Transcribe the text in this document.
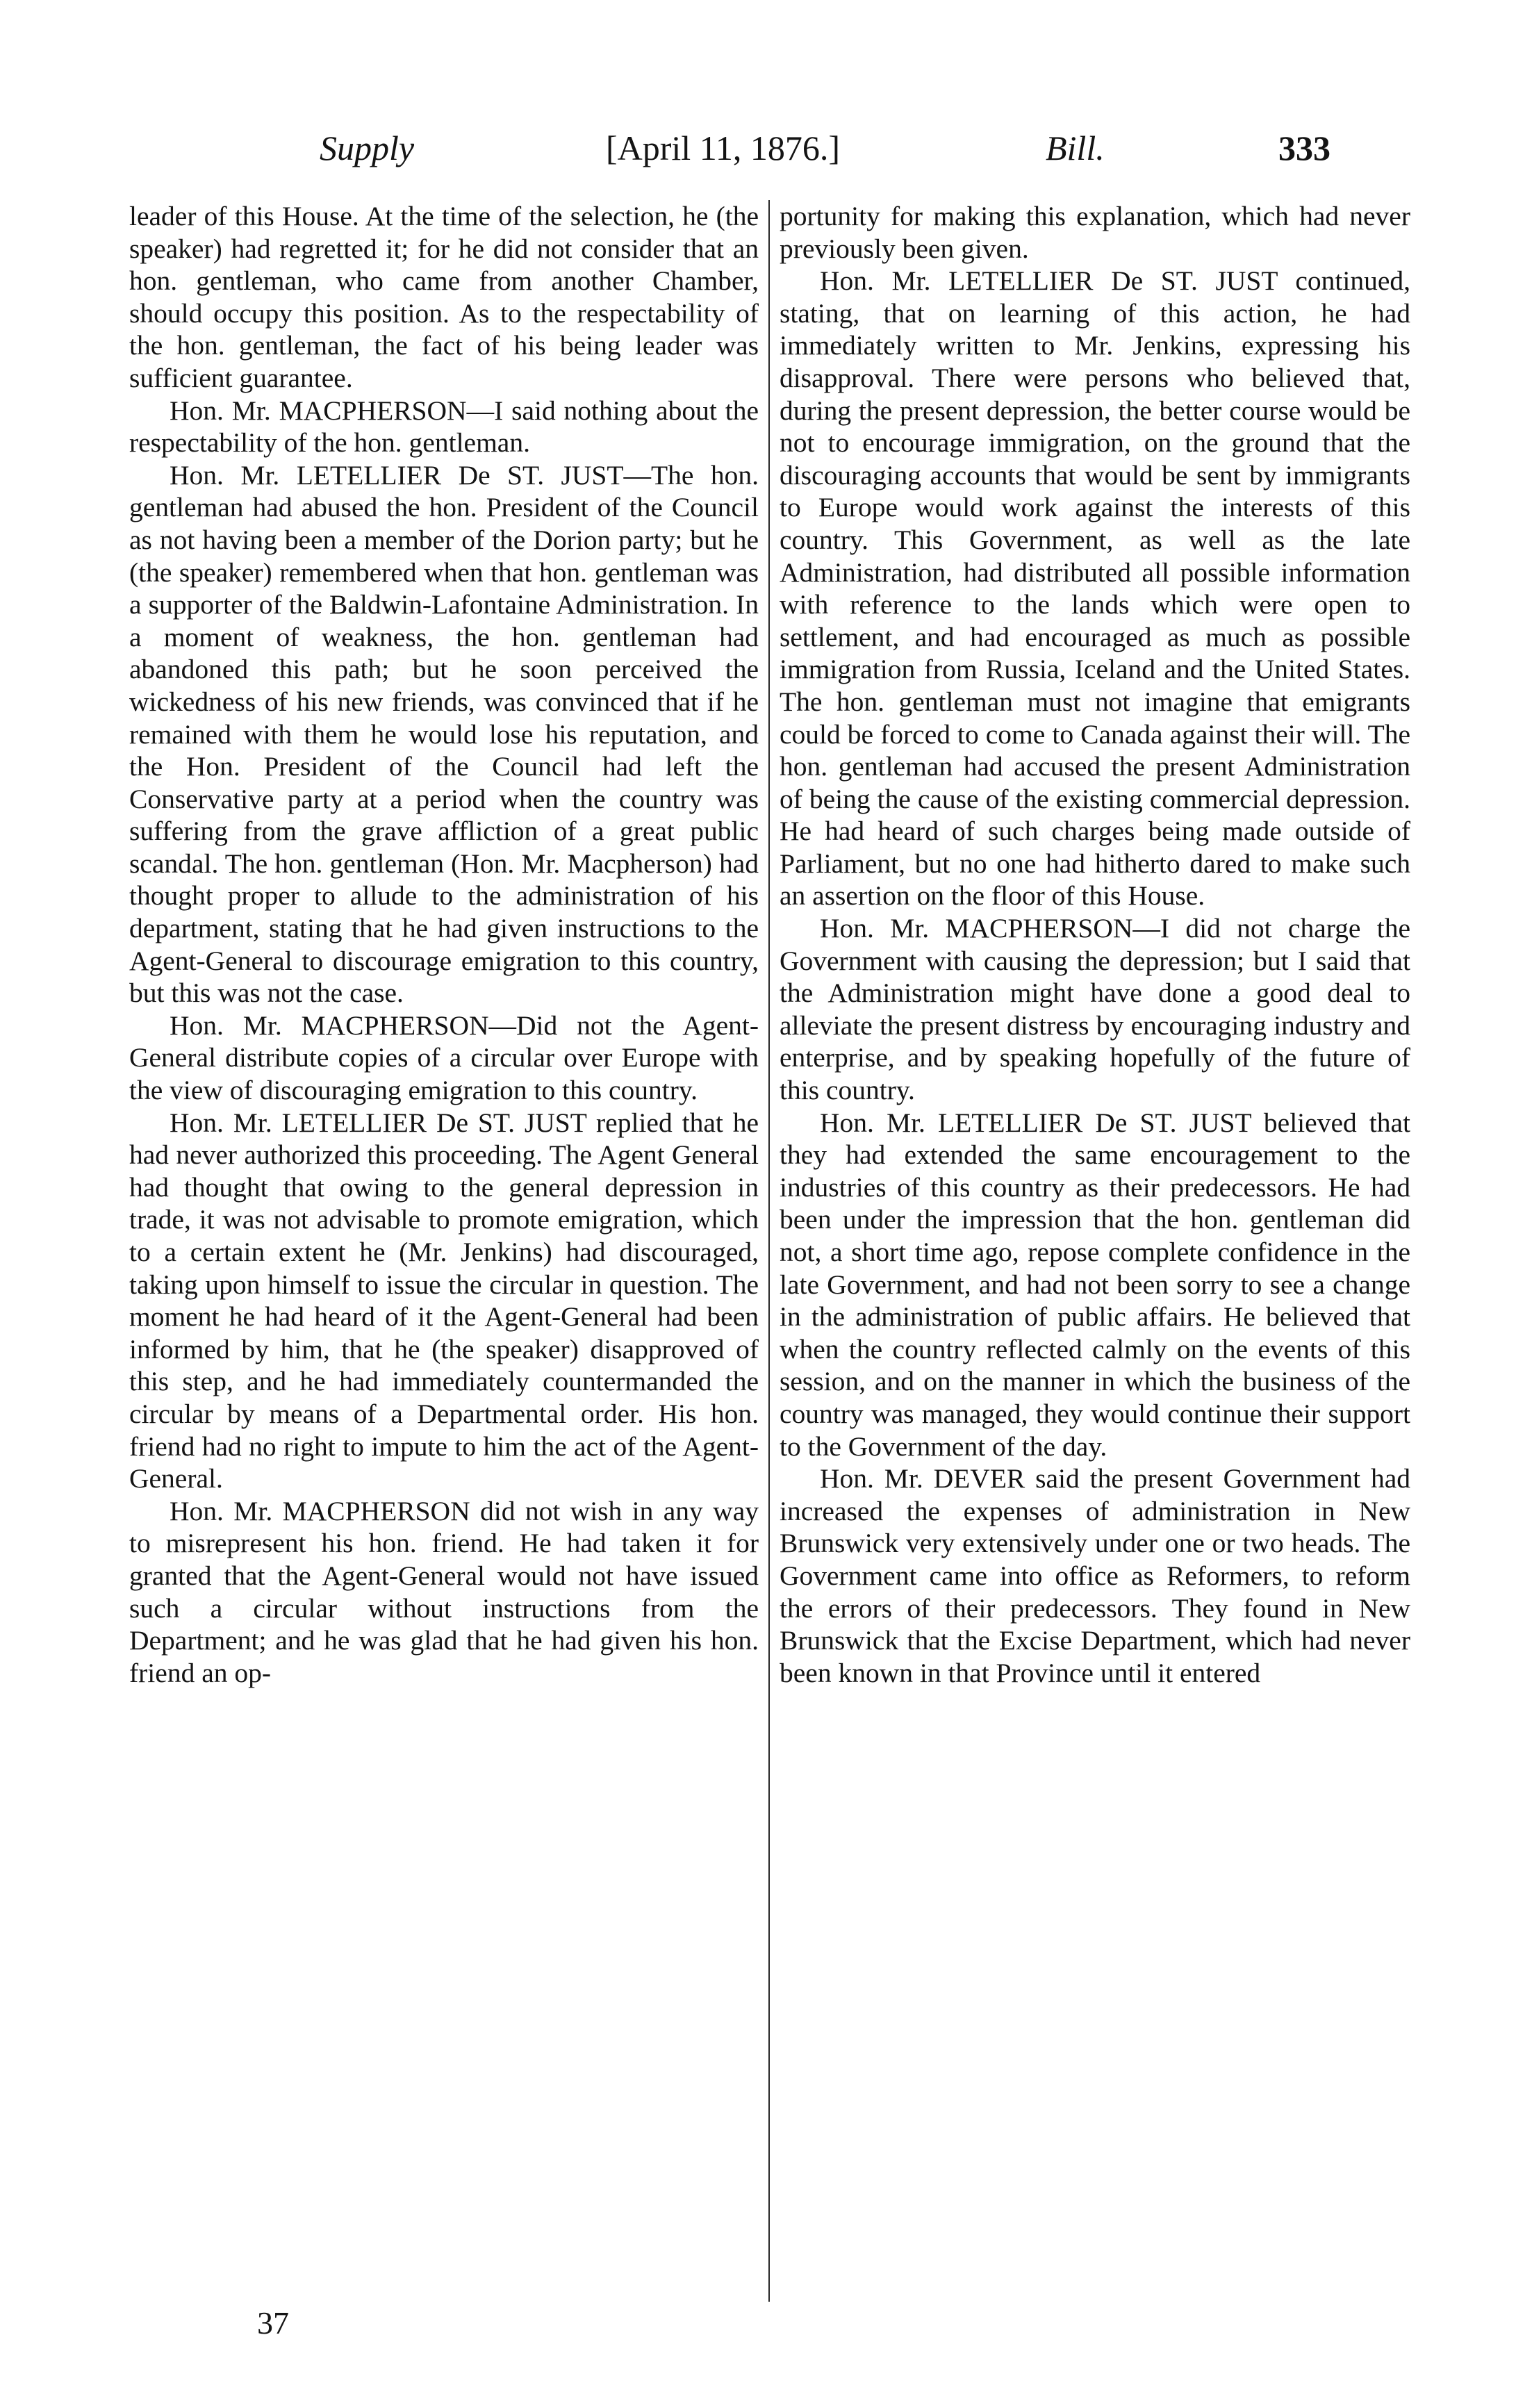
Supply	[April 11, 1876.]	Bill.	333

leader of this House. At the time of the selection, he (the speaker) had regretted it; for he did not consider that an hon. gentleman, who came from another Chamber, should occupy this position. As to the respectability of the hon. gentleman, the fact of his being leader was sufficient guarantee.

Hon. Mr. MACPHERSON—I said nothing about the respectability of the hon. gentleman.

Hon. Mr. LETELLIER De ST. JUST—The hon. gentleman had abused the hon. President of the Council as not having been a member of the Dorion party; but he (the speaker) remembered when that hon. gentleman was a supporter of the Baldwin-Lafontaine Administration. In a moment of weakness, the hon. gentleman had abandoned this path; but he soon perceived the wickedness of his new friends, was convinced that if he remained with them he would lose his reputation, and the Hon. President of the Council had left the Conservative party at a period when the country was suffering from the grave affliction of a great public scandal. The hon. gentleman (Hon. Mr. Macpherson) had thought proper to allude to the administration of his department, stating that he had given instructions to the Agent-General to discourage emigration to this country, but this was not the case.

Hon. Mr. MACPHERSON—Did not the Agent-General distribute copies of a circular over Europe with the view of discouraging emigration to this country.

Hon. Mr. LETELLIER De ST. JUST replied that he had never authorized this proceeding. The Agent General had thought that owing to the general depression in trade, it was not advisable to promote emigration, which to a certain extent he (Mr. Jenkins) had discouraged, taking upon himself to issue the circular in question. The moment he had heard of it the Agent-General had been informed by him, that he (the speaker) disapproved of this step, and he had immediately countermanded the circular by means of a Departmental order. His hon. friend had no right to impute to him the act of the Agent-General.

Hon. Mr. MACPHERSON did not wish in any way to misrepresent his hon. friend. He had taken it for granted that the Agent-General would not have issued such a circular without instructions from the Department; and he was glad that he had given his hon. friend an op-

portunity for making this explanation, which had never previously been given.

Hon. Mr. LETELLIER De ST. JUST continued, stating, that on learning of this action, he had immediately written to Mr. Jenkins, expressing his disapproval. There were persons who believed that, during the present depression, the better course would be not to encourage immigration, on the ground that the discouraging accounts that would be sent by immigrants to Europe would work against the interests of this country. This Government, as well as the late Administration, had distributed all possible information with reference to the lands which were open to settlement, and had encouraged as much as possible immigration from Russia, Iceland and the United States. The hon. gentleman must not imagine that emigrants could be forced to come to Canada against their will. The hon. gentleman had accused the present Administration of being the cause of the existing commercial depression. He had heard of such charges being made outside of Parliament, but no one had hitherto dared to make such an assertion on the floor of this House.

Hon. Mr. MACPHERSON—I did not charge the Government with causing the depression; but I said that the Administration might have done a good deal to alleviate the present distress by encouraging industry and enterprise, and by speaking hopefully of the future of this country.

Hon. Mr. LETELLIER De ST. JUST believed that they had extended the same encouragement to the industries of this country as their predecessors. He had been under the impression that the hon. gentleman did not, a short time ago, repose complete confidence in the late Government, and had not been sorry to see a change in the administration of public affairs. He believed that when the country reflected calmly on the events of this session, and on the manner in which the business of the country was managed, they would continue their support to the Government of the day.

Hon. Mr. DEVER said the present Government had increased the expenses of administration in New Brunswick very extensively under one or two heads. The Government came into office as Reformers, to reform the errors of their predecessors. They found in New Brunswick that the Excise Department, which had never been known in that Province until it entered

37
